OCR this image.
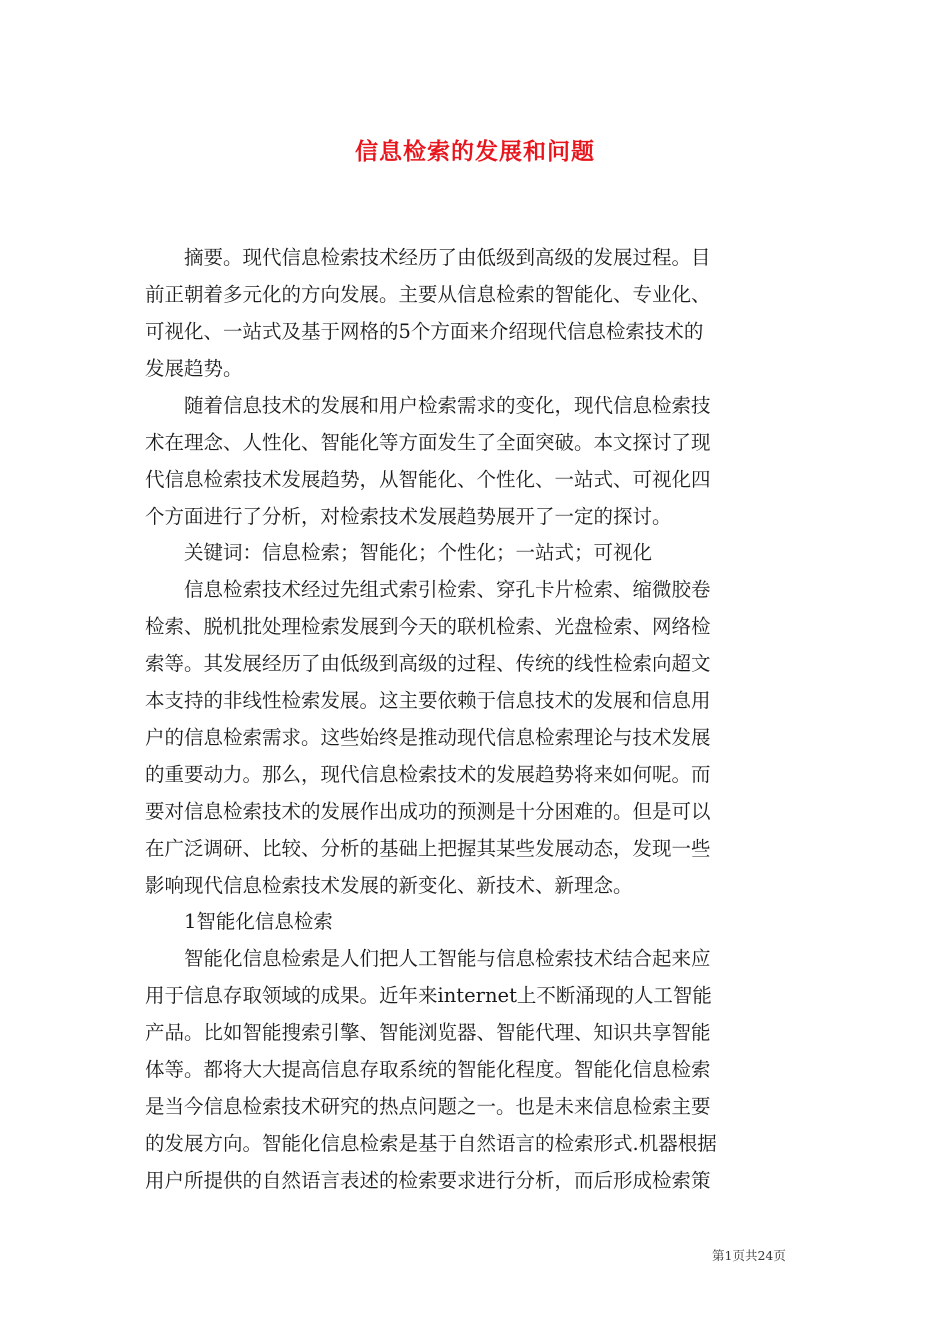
信息检索的发展和问题
　　摘要。现代信息检索技术经历了由低级到高级的发展过程。目
前正朝着多元化的方向发展。主要从信息检索的智能化、专业化、
可视化、一站式及基于网格的5个方面来介绍现代信息检索技术的
发展趋势。
　　随着信息技术的发展和用户检索需求的变化，现代信息检索技
术在理念、人性化、智能化等方面发生了全面突破。本文探讨了现
代信息检索技术发展趋势，从智能化、个性化、一站式、可视化四
个方面进行了分析，对检索技术发展趋势展开了一定的探讨。
　　关键词：信息检索；智能化；个性化；一站式；可视化
　　信息检索技术经过先组式索引检索、穿孔卡片检索、缩微胶卷
检索、脱机批处理检索发展到今天的联机检索、光盘检索、网络检
索等。其发展经历了由低级到高级的过程、传统的线性检索向超文
本支持的非线性检索发展。这主要依赖于信息技术的发展和信息用
户的信息检索需求。这些始终是推动现代信息检索理论与技术发展
的重要动力。那么，现代信息检索技术的发展趋势将来如何呢。而
要对信息检索技术的发展作出成功的预测是十分困难的。但是可以
在广泛调研、比较、分析的基础上把握其某些发展动态，发现一些
影响现代信息检索技术发展的新变化、新技术、新理念。
　　1智能化信息检索
　　智能化信息检索是人们把人工智能与信息检索技术结合起来应
用于信息存取领域的成果。近年来internet上不断涌现的人工智能
产品。比如智能搜索引擎、智能浏览器、智能代理、知识共享智能
体等。都将大大提高信息存取系统的智能化程度。智能化信息检索
是当今信息检索技术研究的热点问题之一。也是未来信息检索主要
的发展方向。智能化信息检索是基于自然语言的检索形式.机器根据
用户所提供的自然语言表述的检索要求进行分析，而后形成检索策
第1页共24页
